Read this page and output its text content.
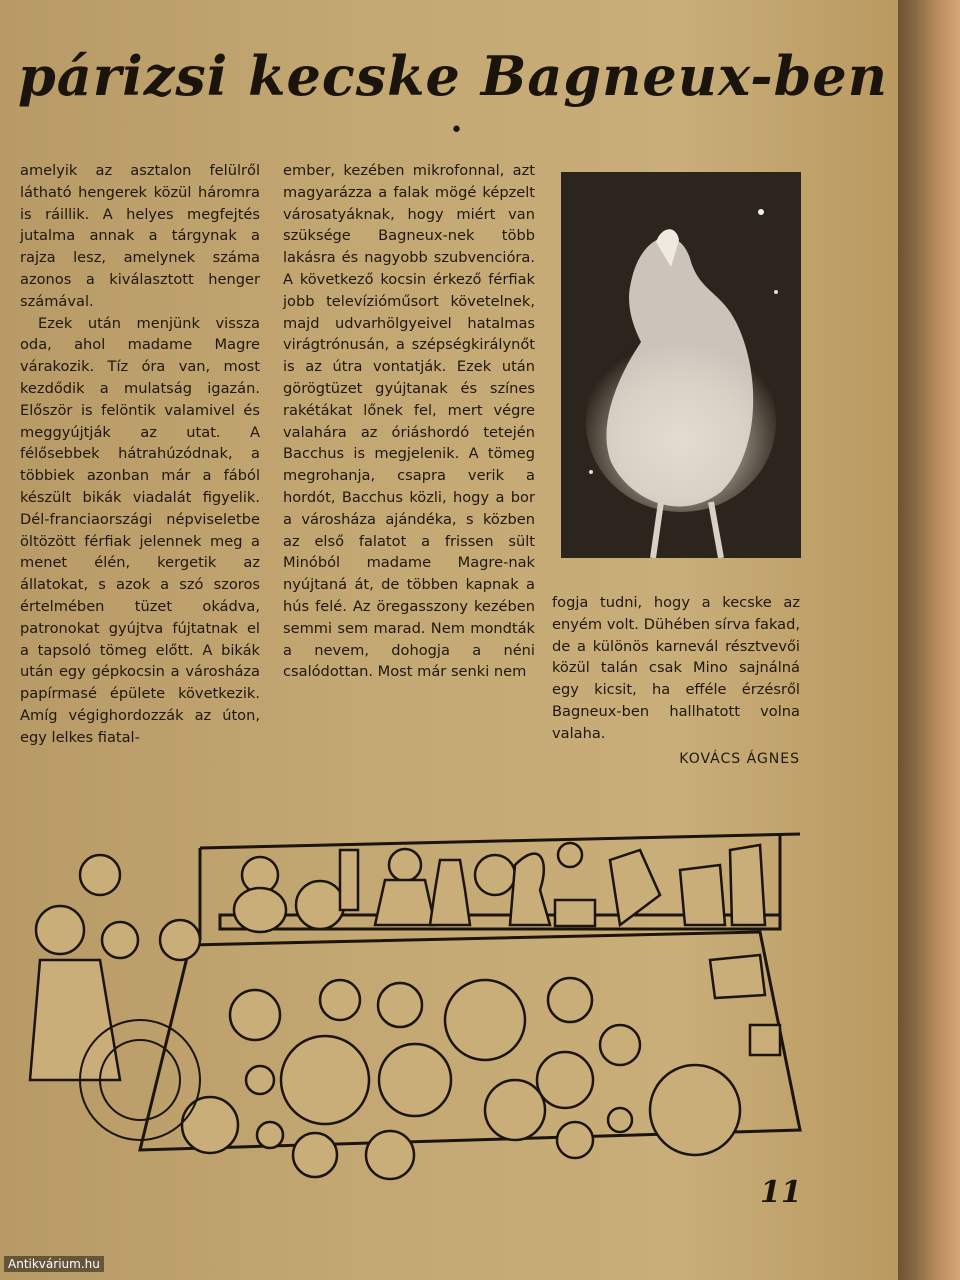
párizsi kecske Bagneux-ben
•

amelyik az asztalon felülről látható hengerek közül háromra is ráillik. A helyes megfejtés jutalma annak a tárgynak a rajza lesz, amelynek száma azonos a kiválasztott henger számával.

Ezek után menjünk vissza oda, ahol madame Magre várakozik. Tíz óra van, most kezdődik a mulatság igazán. Először is felöntik valamivel és meggyújtják az utat. A félősebbek hátrahúzódnak, a többiek azonban már a fából készült bikák viadalát figyelik. Dél-franciaországi népviseletbe öltözött férfiak jelennek meg a menet élén, kergetik az állatokat, s azok a szó szoros értelmében tüzet okádva, patronokat gyújtva fújtatnak el a tapsoló tömeg előtt. A bikák után egy gépkocsin a városháza papírmasé épülete következik. Amíg végighordozzák az úton, egy lelkes fiatal-

ember, kezében mikrofonnal, azt magyarázza a falak mögé képzelt városatyáknak, hogy miért van szüksége Bagneux-nek több lakásra és nagyobb szubvencióra. A következő kocsin érkező férfiak jobb televízióműsort követelnek, majd udvarhölgyeivel hatalmas virágtrónusán, a szépségkirálynőt is az útra vontatják. Ezek után görögtüzet gyújtanak és színes rakétákat lőnek fel, mert végre valahára az óriáshordó tetején Bacchus is megjelenik. A tömeg megrohanja, csapra verik a hordót, Bacchus közli, hogy a bor a városháza ajándéka, s közben az első falatot a frissen sült Minóból madame Magre-nak nyújtaná át, de többen kapnak a hús felé. Az öregasszony kezében semmi sem marad. Nem mondták a nevem, dohogja a néni csalódottan. Most már senki nem

fogja tudni, hogy a kecske az enyém volt. Dühében sírva fakad, de a különös karnevál résztvevői közül talán csak Mino sajnálná egy kicsit, ha efféle érzésről Bagneux-ben hallhatott volna valaha.

KOVÁCS ÁGNES
11
Antikvárium.hu
